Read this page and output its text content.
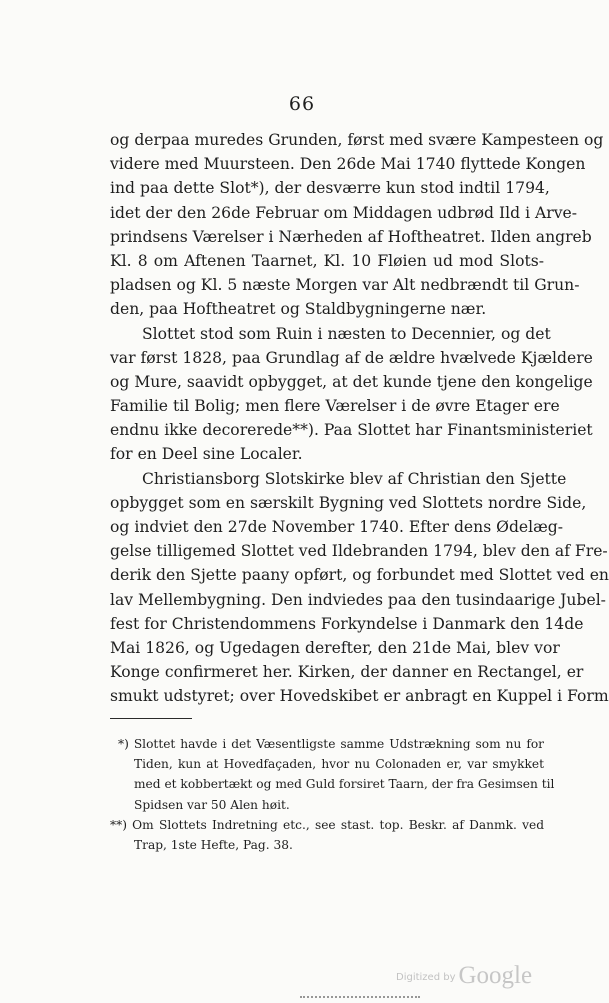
66
og derpaa muredes Grunden, først med svære Kampesteen og
videre med Muursteen. Den 26de Mai 1740 flyttede Kongen
ind paa dette Slot*), der desværre kun stod indtil 1794,
idet der den 26de Februar om Middagen udbrød Ild i Arve-
prindsens Værelser i Nærheden af Hoftheatret. Ilden angreb
Kl. 8 om Aftenen Taarnet, Kl. 10 Fløien ud mod Slots-
pladsen og Kl. 5 næste Morgen var Alt nedbrændt til Grun-
den, paa Hoftheatret og Staldbygningerne nær.
Slottet stod som Ruin i næsten to Decennier, og det
var først 1828, paa Grundlag af de ældre hvælvede Kjældere
og Mure, saavidt opbygget, at det kunde tjene den kongelige
Familie til Bolig; men flere Værelser i de øvre Etager ere
endnu ikke decorerede**). Paa Slottet har Finantsministeriet
for en Deel sine Localer.
Christiansborg Slotskirke blev af Christian den Sjette
opbygget som en særskilt Bygning ved Slottets nordre Side,
og indviet den 27de November 1740. Efter dens Ødelæg-
gelse tilligemed Slottet ved Ildebranden 1794, blev den af Fre-
derik den Sjette paany opført, og forbundet med Slottet ved en
lav Mellembygning. Den indviedes paa den tusindaarige Jubel-
fest for Christendommens Forkyndelse i Danmark den 14de
Mai 1826, og Ugedagen derefter, den 21de Mai, blev vor
Konge confirmeret her. Kirken, der danner en Rectangel, er
smukt udstyret; over Hovedskibet er anbragt en Kuppel i Form
*) Slottet havde i det Væsentligste samme Udstrækning som nu for
Tiden, kun at Hovedfaçaden, hvor nu Colonaden er, var smykket
med et kobbertækt og med Guld forsiret Taarn, der fra Gesimsen til
Spidsen var 50 Alen høit.
**) Om Slottets Indretning etc., see stast. top. Beskr. af Danmk. ved
Trap, 1ste Hefte, Pag. 38.
Digitized by Google
